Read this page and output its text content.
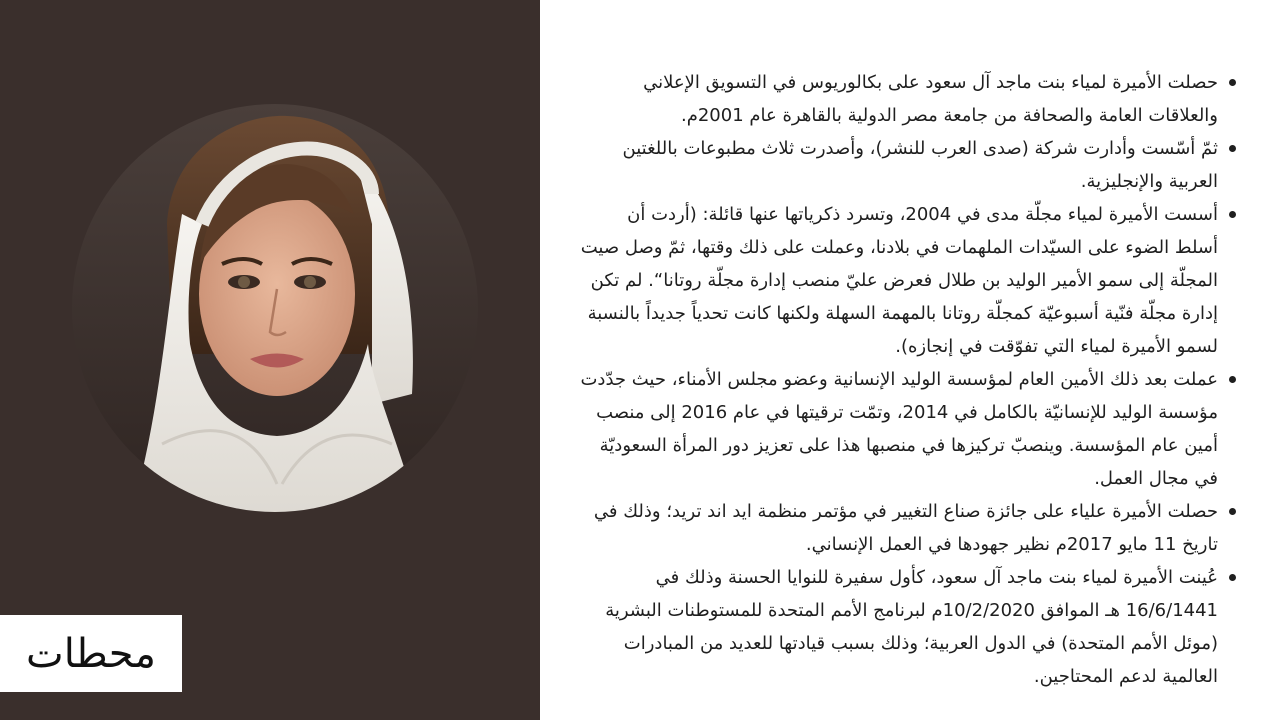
محطات
حصلت الأميرة لمياء بنت ماجد آل سعود على بكالوريوس في التسويق الإعلاني والعلاقات العامة والصحافة من جامعة مصر الدولية بالقاهرة عام 2001م.
ثمّ أسّست وأدارت شركة (صدى العرب للنشر)، وأصدرت ثلاث مطبوعات باللغتين العربية والإنجليزية.
أسست الأميرة لمياء مجلّة مدى في 2004، وتسرد ذكرياتها عنها قائلة: (أردت أن أسلط الضوء على السيّدات الملهمات في بلادنا، وعملت على ذلك وقتها، ثمّ وصل صيت المجلّة إلى سمو الأمير الوليد بن طلال فعرض عليّ منصب إدارة مجلّة روتانا“. لم تكن إدارة مجلّة فنّية أسبوعيّة كمجلّة روتانا بالمهمة السهلة ولكنها كانت تحدياً جديداً بالنسبة لسمو الأميرة لمياء التي تفوّقت في إنجازه).
عملت بعد ذلك الأمين العام لمؤسسة الوليد الإنسانية وعضو مجلس الأمناء، حيث جدّدت مؤسسة الوليد للإنسانيّة بالكامل في 2014، وتمّت ترقيتها في عام 2016 إلى منصب أمين عام المؤسسة. وينصبّ تركيزها في منصبها هذا على تعزيز دور المرأة السعوديّة في مجال العمل.
حصلت الأميرة علياء على جائزة صناع التغيير في مؤتمر منظمة ايد اند تريد؛ وذلك في تاريخ 11 مايو 2017م نظير جهودها في العمل الإنساني.
عُينت الأميرة لمياء بنت ماجد آل سعود، كأول سفيرة للنوايا الحسنة وذلك في 16/6/1441 هـ الموافق 10/2/2020م لبرنامج الأمم المتحدة للمستوطنات البشرية (موئل الأمم المتحدة) في الدول العربية؛ وذلك بسبب قيادتها للعديد من المبادرات العالمية لدعم المحتاجين.
